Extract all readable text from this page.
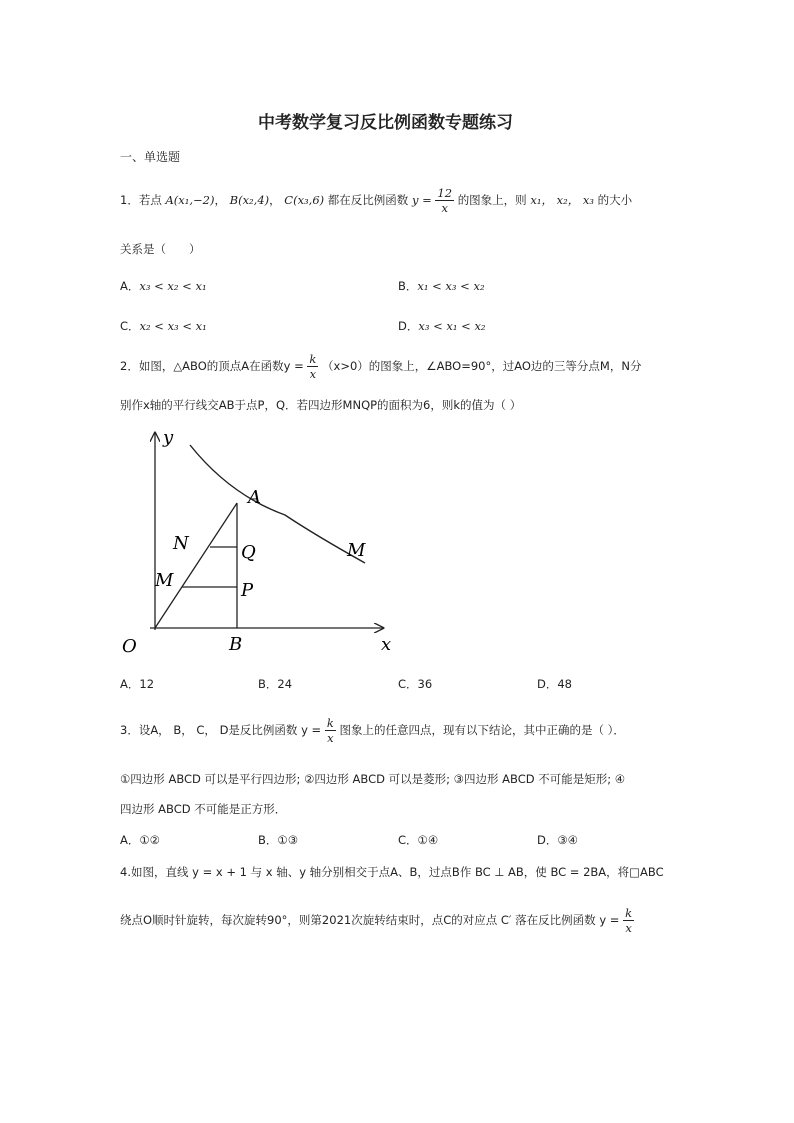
中考数学复习反比例函数专题练习
一、单选题
1．若点 A(x₁,−2)， B(x₂,4)， C(x₃,6) 都在反比例函数 $y = \frac{12}{x}$ 的图象上，则 x₁， x₂， x₃ 的大小
关系是（　　）
A．x₃ < x₂ < x₁	B．x₁ < x₃ < x₂
C．x₂ < x₃ < x₁	D．x₃ < x₁ < x₂
2．如图，△ABO的顶点A在函数$y = \frac{k}{x} (x>0)$的图象上，∠ABO=90°，过AO边的三等分点M，N分
别作x轴的平行线交AB于点P，Q．若四边形MNQP的面积为6，则k的值为（ ）
y
x
O
A
B
N
M
Q
P
M
A．12	B．24	C．36	D．48
3．设A， B， C， D是反比例函数 $y = \frac{k}{x}$ 图象上的任意四点，现有以下结论，其中正确的是（ ）．
①四边形 ABCD 可以是平行四边形; ②四边形 ABCD 可以是菱形; ③四边形 ABCD 不可能是矩形; ④
四边形 ABCD 不可能是正方形．
A．①②	B．①③	C．①④	D．③④
4.如图，直线 y = x + 1 与 x 轴、y 轴分别相交于点A、B，过点B作 BC ⊥ AB，使 BC = 2BA，将□ABC
绕点O顺时针旋转，每次旋转90°，则第2021次旋转结束时，点C的对应点 C′ 落在反比例函数 $y = \frac{k}{x}$
